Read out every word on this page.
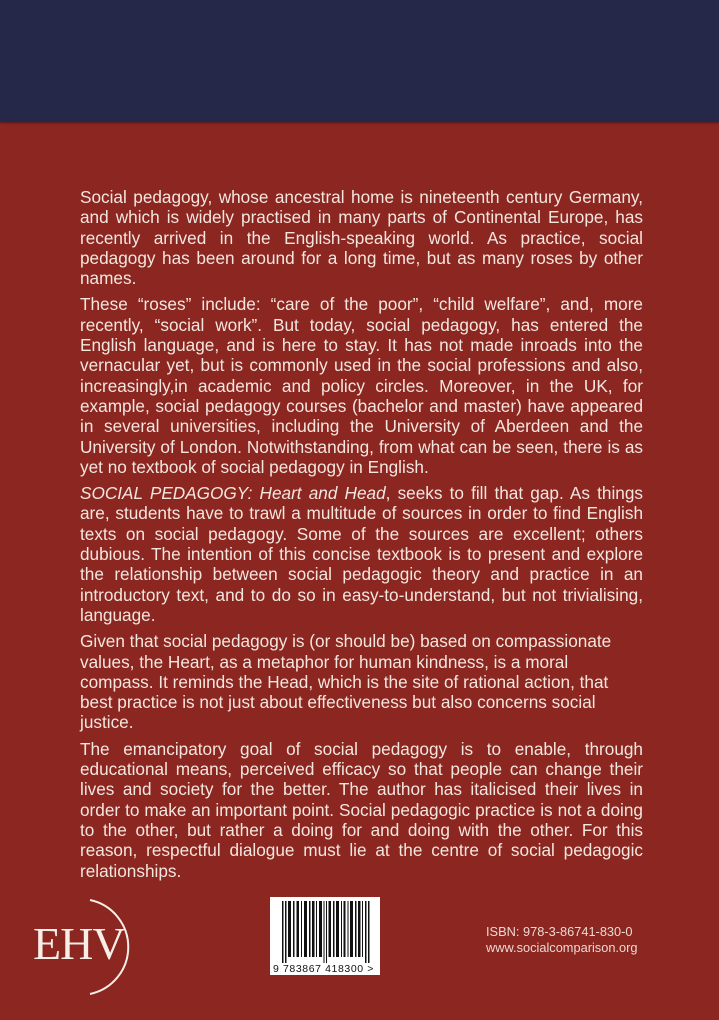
Social pedagogy, whose ancestral home is nineteenth century Germany, and which is widely practised in many parts of Continental Europe, has recently arrived in the English-speaking world. As practice, social pedagogy has been around for a long time, but as many roses by other names.

These “roses” include: “care of the poor”, “child welfare”, and, more recently, “social work”. But today, social pedagogy, has entered the English language, and is here to stay. It has not made inroads into the vernacular yet, but is commonly used in the social professions and also, increasingly,in academic and policy circles. Moreover, in the UK, for example, social pedagogy courses (bachelor and master) have appeared in several universities, including the University of Aberdeen and the University of London. Notwithstanding, from what can be seen, there is as yet no textbook of social pedagogy in English.

SOCIAL PEDAGOGY: Heart and Head, seeks to fill that gap. As things are, students have to trawl a multitude of sources in order to find English texts on social pedagogy. Some of the sources are excellent; others dubious. The intention of this concise textbook is to present and explore the relationship between social pedagogic theory and practice in an introductory text, and to do so in easy-to-understand, but not trivialising, language.

Given that social pedagogy is (or should be) based on compassionate values, the Heart, as a metaphor for human kindness, is a moral compass. It reminds the Head, which is the site of rational action, that best practice is not just about effectiveness but also concerns social justice.

The emancipatory goal of social pedagogy is to enable, through educational means, perceived efficacy so that people can change their lives and society for the better. The author has italicised their lives in order to make an important point. Social pedagogic practice is not a doing to the other, but rather a doing for and doing with the other. For this reason, respectful dialogue must lie at the centre of social pedagogic relationships.

EHV	9 783867 418300 >
ISBN: 978-3-86741-830-0
www.socialcomparison.org
